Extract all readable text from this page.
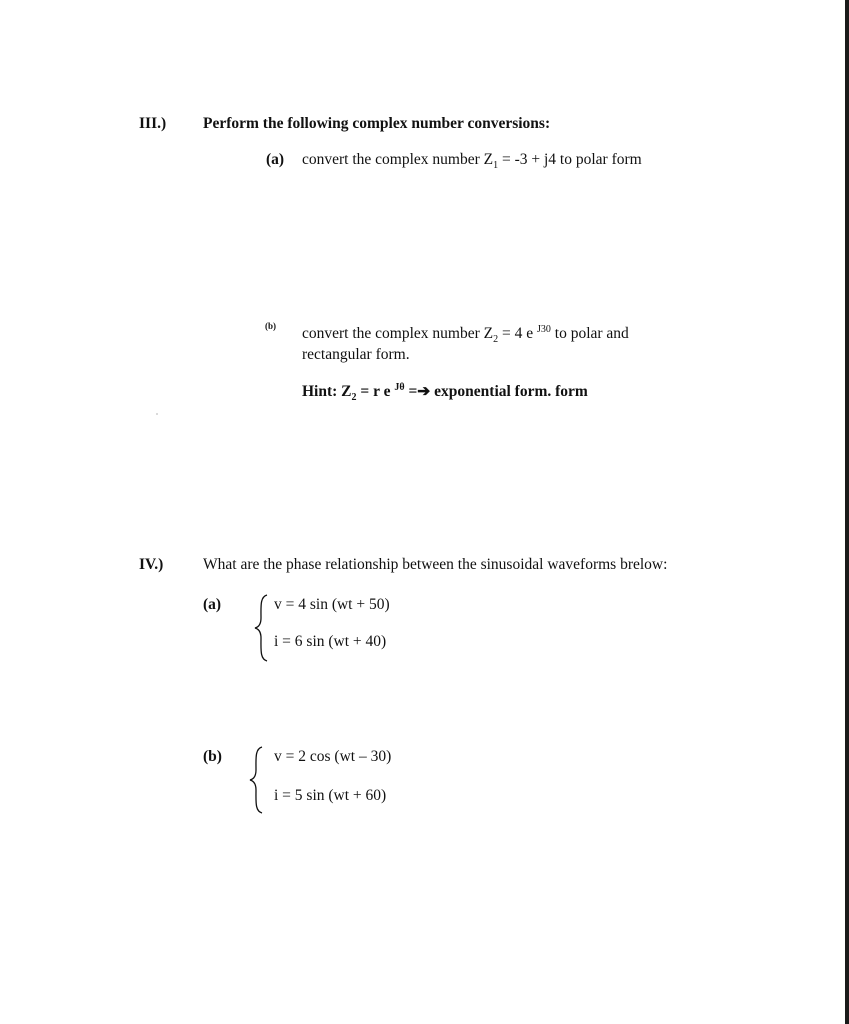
III.) Perform the following complex number conversions:
(a) convert the complex number $Z_1 = -3 + j4$ to polar form
(b) convert the complex number $Z_2 = 4$ e $^{J30}$ to polar and
rectangular form.
Hint: $Z_2 = r$ e $^{J\theta}$ =➔ exponential form. form
IV.)	What are the phase relationship between the sinusoidal waveforms brelow:
(a)	v = 4 sin (wt + 50)
i = 6 sin (wt + 40)
(b)	v = 2 cos (wt – 30)
i = 5 sin (wt + 60)
